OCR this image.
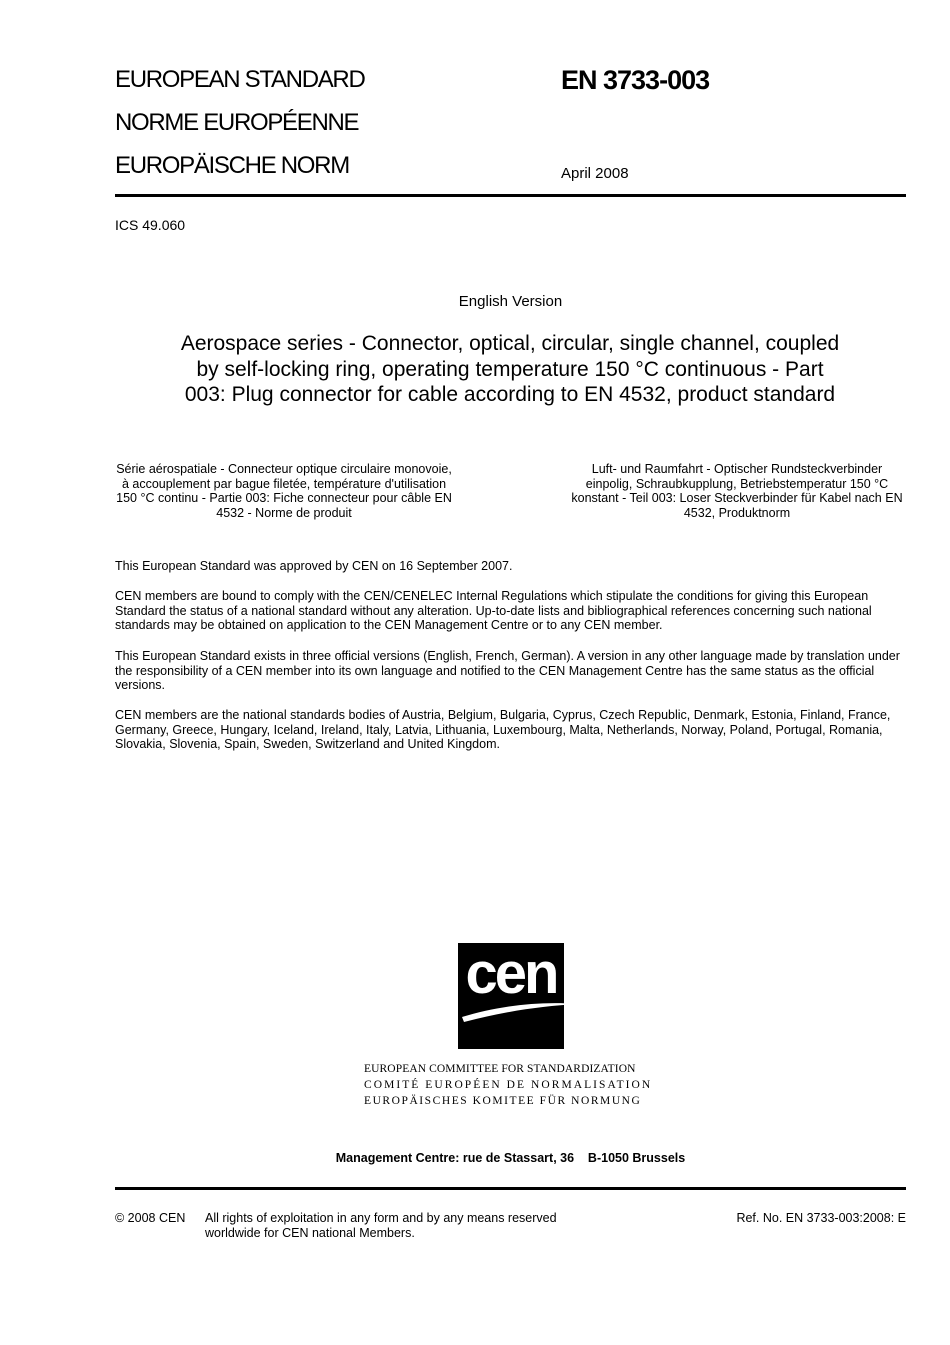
EUROPEAN STANDARD
NORME EUROPÉENNE
EUROPÄISCHE NORM
EN 3733-003
April 2008
ICS 49.060
English Version
Aerospace series - Connector, optical, circular, single channel, coupled by self-locking ring, operating temperature 150 °C continuous - Part 003: Plug connector for cable according to EN 4532, product standard
Série aérospatiale - Connecteur optique circulaire monovoie, à accouplement par bague filetée, température d'utilisation 150 °C continu - Partie 003: Fiche connecteur pour câble EN 4532 - Norme de produit
Luft- und Raumfahrt - Optischer Rundsteckverbinder einpolig, Schraubkupplung, Betriebstemperatur 150 °C konstant - Teil 003: Loser Steckverbinder für Kabel nach EN 4532, Produktnorm
This European Standard was approved by CEN on 16 September 2007.
CEN members are bound to comply with the CEN/CENELEC Internal Regulations which stipulate the conditions for giving this European Standard the status of a national standard without any alteration. Up-to-date lists and bibliographical references concerning such national standards may be obtained on application to the CEN Management Centre or to any CEN member.
This European Standard exists in three official versions (English, French, German). A version in any other language made by translation under the responsibility of a CEN member into its own language and notified to the CEN Management Centre has the same status as the official versions.
CEN members are the national standards bodies of Austria, Belgium, Bulgaria, Cyprus, Czech Republic, Denmark, Estonia, Finland, France, Germany, Greece, Hungary, Iceland, Ireland, Italy, Latvia, Lithuania, Luxembourg, Malta, Netherlands, Norway, Poland, Portugal, Romania, Slovakia, Slovenia, Spain, Sweden, Switzerland and United Kingdom.
cen
EUROPEAN COMMITTEE FOR STANDARDIZATION
COMITÉ EUROPÉEN DE NORMALISATION
EUROPÄISCHES KOMITEE FÜR NORMUNG
Management Centre: rue de Stassart, 36    B-1050 Brussels
© 2008 CEN All rights of exploitation in any form and by any means reserved worldwide for CEN national Members.
Ref. No. EN 3733-003:2008: E
